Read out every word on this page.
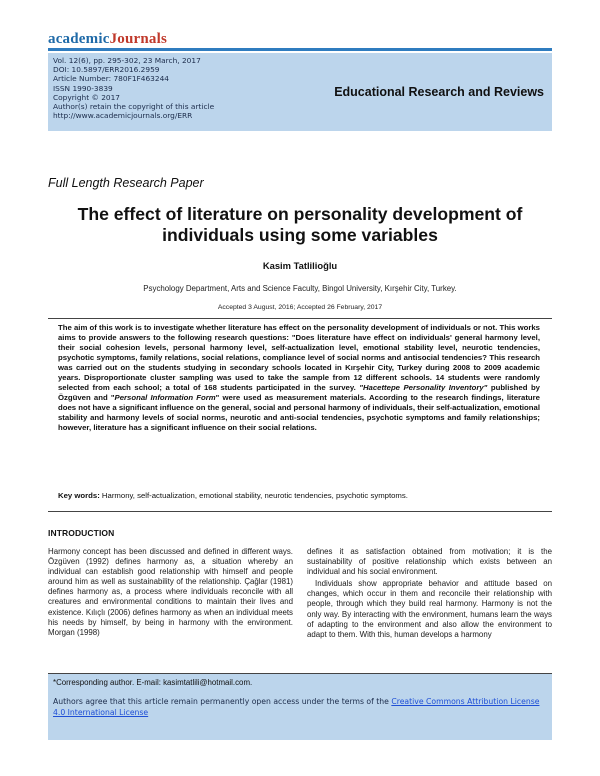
academicJournals
Vol. 12(6), pp. 295-302, 23 March, 2017
DOI: 10.5897/ERR2016.2959
Article Number: 780F1F463244
ISSN 1990-3839
Copyright © 2017
Author(s) retain the copyright of this article
http://www.academicjournals.org/ERR
Educational Research and Reviews
Full Length Research Paper
The effect of literature on personality development of individuals using some variables
Kasim Tatlilioğlu
Psychology Department, Arts and Science Faculty, Bingol University, Kırşehir City, Turkey.
Accepted 3 August, 2016; Accepted 26 February, 2017
The aim of this work is to investigate whether literature has effect on the personality development of individuals or not. This works aims to provide answers to the following research questions: "Does literature have effect on individuals' general harmony level, their social cohesion levels, personal harmony level, self-actualization level, emotional stability level, neurotic tendencies, psychotic symptoms, family relations, social relations, compliance level of social norms and antisocial tendencies? This research was carried out on the students studying in secondary schools located in Kırşehir City, Turkey during 2008 to 2009 academic years. Disproportionate cluster sampling was used to take the sample from 12 different schools. 14 students were randomly selected from each school; a total of 168 students participated in the survey. "Hacettepe Personality Inventory" published by Özgüven and "Personal Information Form" were used as measurement materials. According to the research findings, literature does not have a significant influence on the general, social and personal harmony of individuals, their self-actualization, emotional stability and harmony levels of social norms, neurotic and anti-social tendencies, psychotic symptoms and family relationships; however, literature has a significant influence on their social relations.
Key words: Harmony, self-actualization, emotional stability, neurotic tendencies, psychotic symptoms.
INTRODUCTION

Harmony concept has been discussed and defined in different ways. Özgüven (1992) defines harmony as, a situation whereby an individual can establish good relationship with himself and people around him as well as sustainability of the relationship. Çağlar (1981) defines harmony as, a process where individuals reconcile with all creatures and environmental conditions to maintain their lives and existence. Kılıçlı (2006) defines harmony as when an individual meets his needs by himself, by being in harmony with the environment. Morgan (1998)

defines it as satisfaction obtained from motivation; it is the sustainability of positive relationship which exists between an individual and his social environment.

Individuals show appropriate behavior and attitude based on changes, which occur in them and reconcile their relationship with people, through which they build real harmony. Harmony is not the only way. By interacting with the environment, humans learn the ways of adapting to the environment and also allow the environment to adapt to them. With this, human develops a harmony

*Corresponding author. E-mail: kasimtatlili@hotmail.com.
Authors agree that this article remain permanently open access under the terms of the Creative Commons Attribution License 4.0 International License
